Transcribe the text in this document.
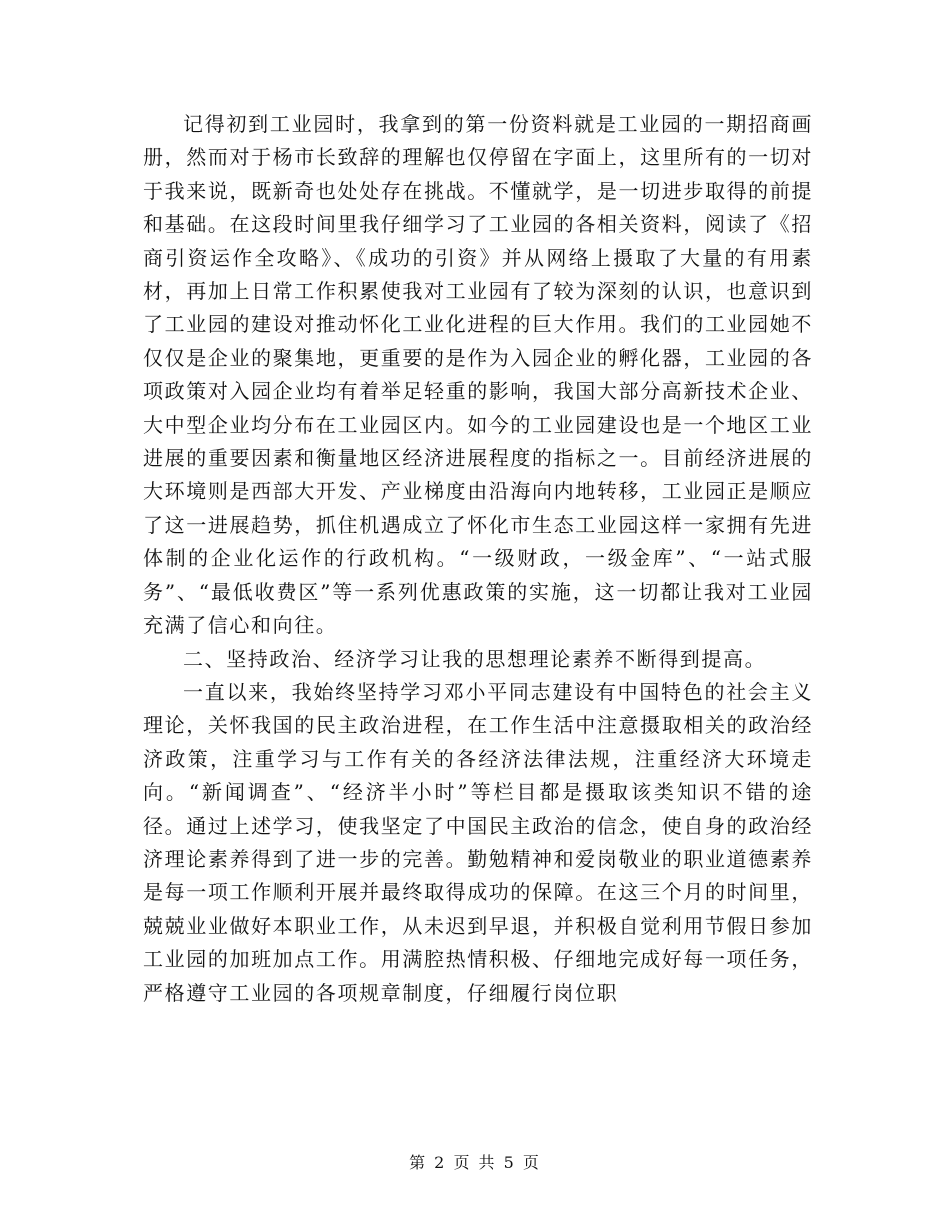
记得初到工业园时，我拿到的第一份资料就是工业园的一期招商画册，然而对于杨市长致辞的理解也仅停留在字面上，这里所有的一切对于我来说，既新奇也处处存在挑战。不懂就学，是一切进步取得的前提和基础。在这段时间里我仔细学习了工业园的各相关资料，阅读了《招商引资运作全攻略》、《成功的引资》并从网络上摄取了大量的有用素材，再加上日常工作积累使我对工业园有了较为深刻的认识，也意识到了工业园的建设对推动怀化工业化进程的巨大作用。我们的工业园她不仅仅是企业的聚集地，更重要的是作为入园企业的孵化器，工业园的各项政策对入园企业均有着举足轻重的影响，我国大部分高新技术企业、大中型企业均分布在工业园区内。如今的工业园建设也是一个地区工业进展的重要因素和衡量地区经济进展程度的指标之一。目前经济进展的大环境则是西部大开发、产业梯度由沿海向内地转移，工业园正是顺应了这一进展趋势，抓住机遇成立了怀化市生态工业园这样一家拥有先进体制的企业化运作的行政机构。“一级财政，一级金库”、“一站式服务”、“最低收费区”等一系列优惠政策的实施，这一切都让我对工业园充满了信心和向往。

二、坚持政治、经济学习让我的思想理论素养不断得到提高。

一直以来，我始终坚持学习邓小平同志建设有中国特色的社会主义理论，关怀我国的民主政治进程，在工作生活中注意摄取相关的政治经济政策，注重学习与工作有关的各经济法律法规，注重经济大环境走向。“新闻调查”、“经济半小时”等栏目都是摄取该类知识不错的途径。通过上述学习，使我坚定了中国民主政治的信念，使自身的政治经济理论素养得到了进一步的完善。勤勉精神和爱岗敬业的职业道德素养是每一项工作顺利开展并最终取得成功的保障。在这三个月的时间里，兢兢业业做好本职业工作，从未迟到早退，并积极自觉利用节假日参加工业园的加班加点工作。用满腔热情积极、仔细地完成好每一项任务，严格遵守工业园的各项规章制度，仔细履行岗位职

第 2 页 共 5 页
